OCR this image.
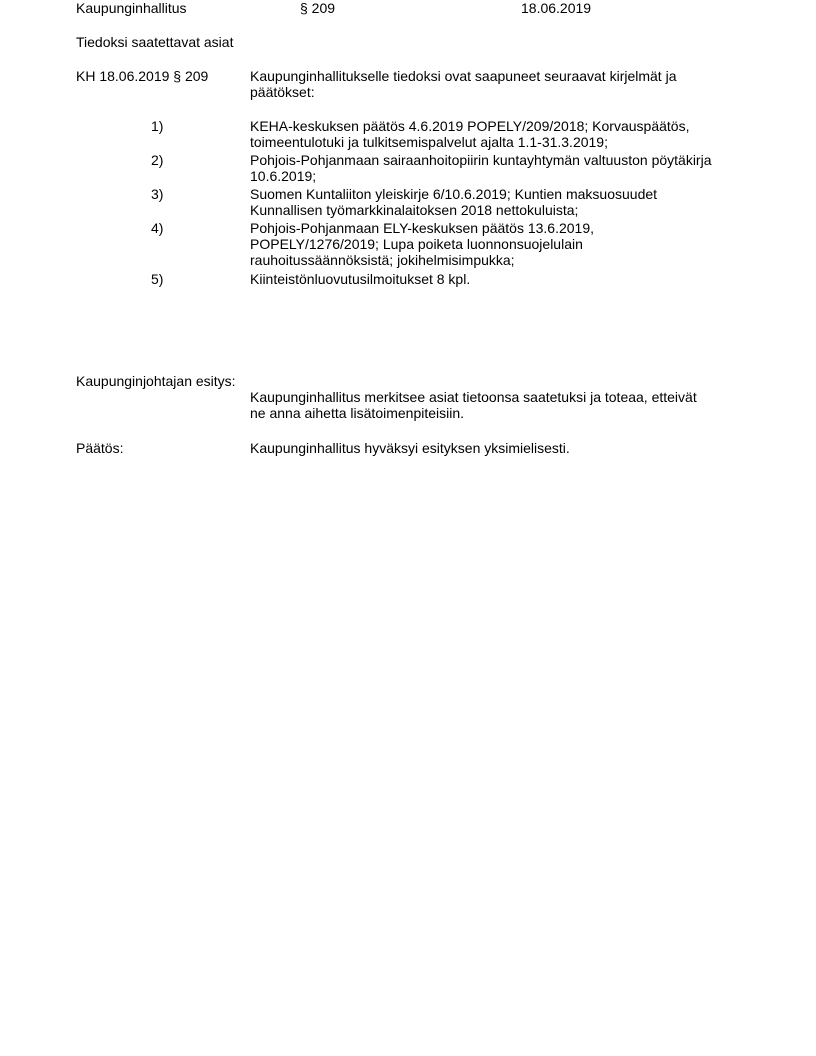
Kaupunginhallitus	§ 209	18.06.2019
Tiedoksi saatettavat asiat
KH 18.06.2019 § 209	Kaupunginhallitukselle tiedoksi ovat saapuneet seuraavat kirjelmät ja
päätökset:
1)	KEHA-keskuksen päätös 4.6.2019 POPELY/209/2018; Korvauspäätös,
toimeentulotuki ja tulkitsemispalvelut ajalta 1.1-31.3.2019;
2)	Pohjois-Pohjanmaan sairaanhoitopiirin kuntayhtymän valtuuston pöytäkirja
10.6.2019;
3)	Suomen Kuntaliiton yleiskirje 6/10.6.2019; Kuntien maksuosuudet
Kunnallisen työmarkkinalaitoksen 2018 nettokuluista;
4)	Pohjois-Pohjanmaan ELY-keskuksen päätös 13.6.2019,
POPELY/1276/2019; Lupa poiketa luonnonsuojelulain
rauhoitussäännöksistä; jokihelmisimpukka;
5)	Kiinteistönluovutusilmoitukset 8 kpl.
Kaupunginjohtajan esitys:
Kaupunginhallitus merkitsee asiat tietoonsa saatetuksi ja toteaa, etteivät
ne anna aihetta lisätoimenpiteisiin.
Päätös:	Kaupunginhallitus hyväksyi esityksen yksimielisesti.
